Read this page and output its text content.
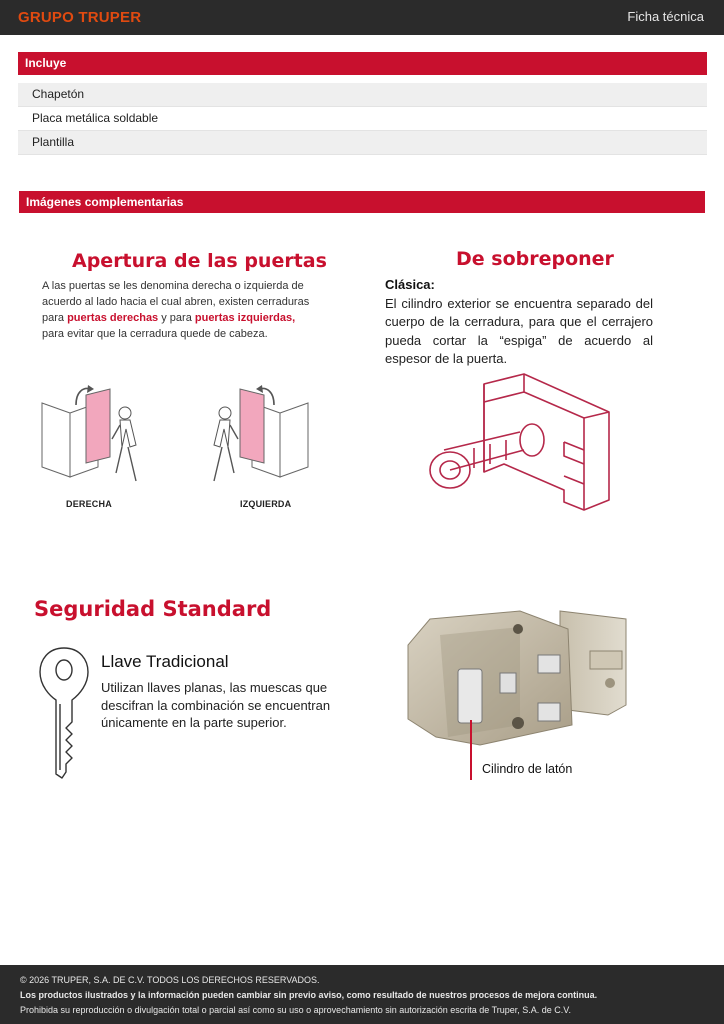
GRUPO TRUPER	Ficha técnica
Incluye
Chapetón
Placa metálica soldable
Plantilla
Imágenes complementarias
Apertura de las puertas
A las puertas se les denomina derecha o izquierda de
acuerdo al lado hacia el cual abren, existen cerraduras
para puertas derechas y para puertas izquierdas,
para evitar que la cerradura quede de cabeza.
DERECHA	IZQUIERDA
De sobreponer
Clásica:
El cilindro exterior se encuentra separado del cuerpo de la cerradura, para que el cerrajero pueda cortar la “espiga” de acuerdo al espesor de la puerta.
Seguridad Standard
Llave Tradicional
Utilizan llaves planas, las muescas que
descifran la combinación se encuentran
únicamente en la parte superior.
Cilindro de latón
© 2026 TRUPER, S.A. DE C.V. TODOS LOS DERECHOS RESERVADOS.
Los productos ilustrados y la información pueden cambiar sin previo aviso, como resultado de nuestros procesos de mejora continua.
Prohibida su reproducción o divulgación total o parcial así como su uso o aprovechamiento sin autorización escrita de Truper, S.A. de C.V.
